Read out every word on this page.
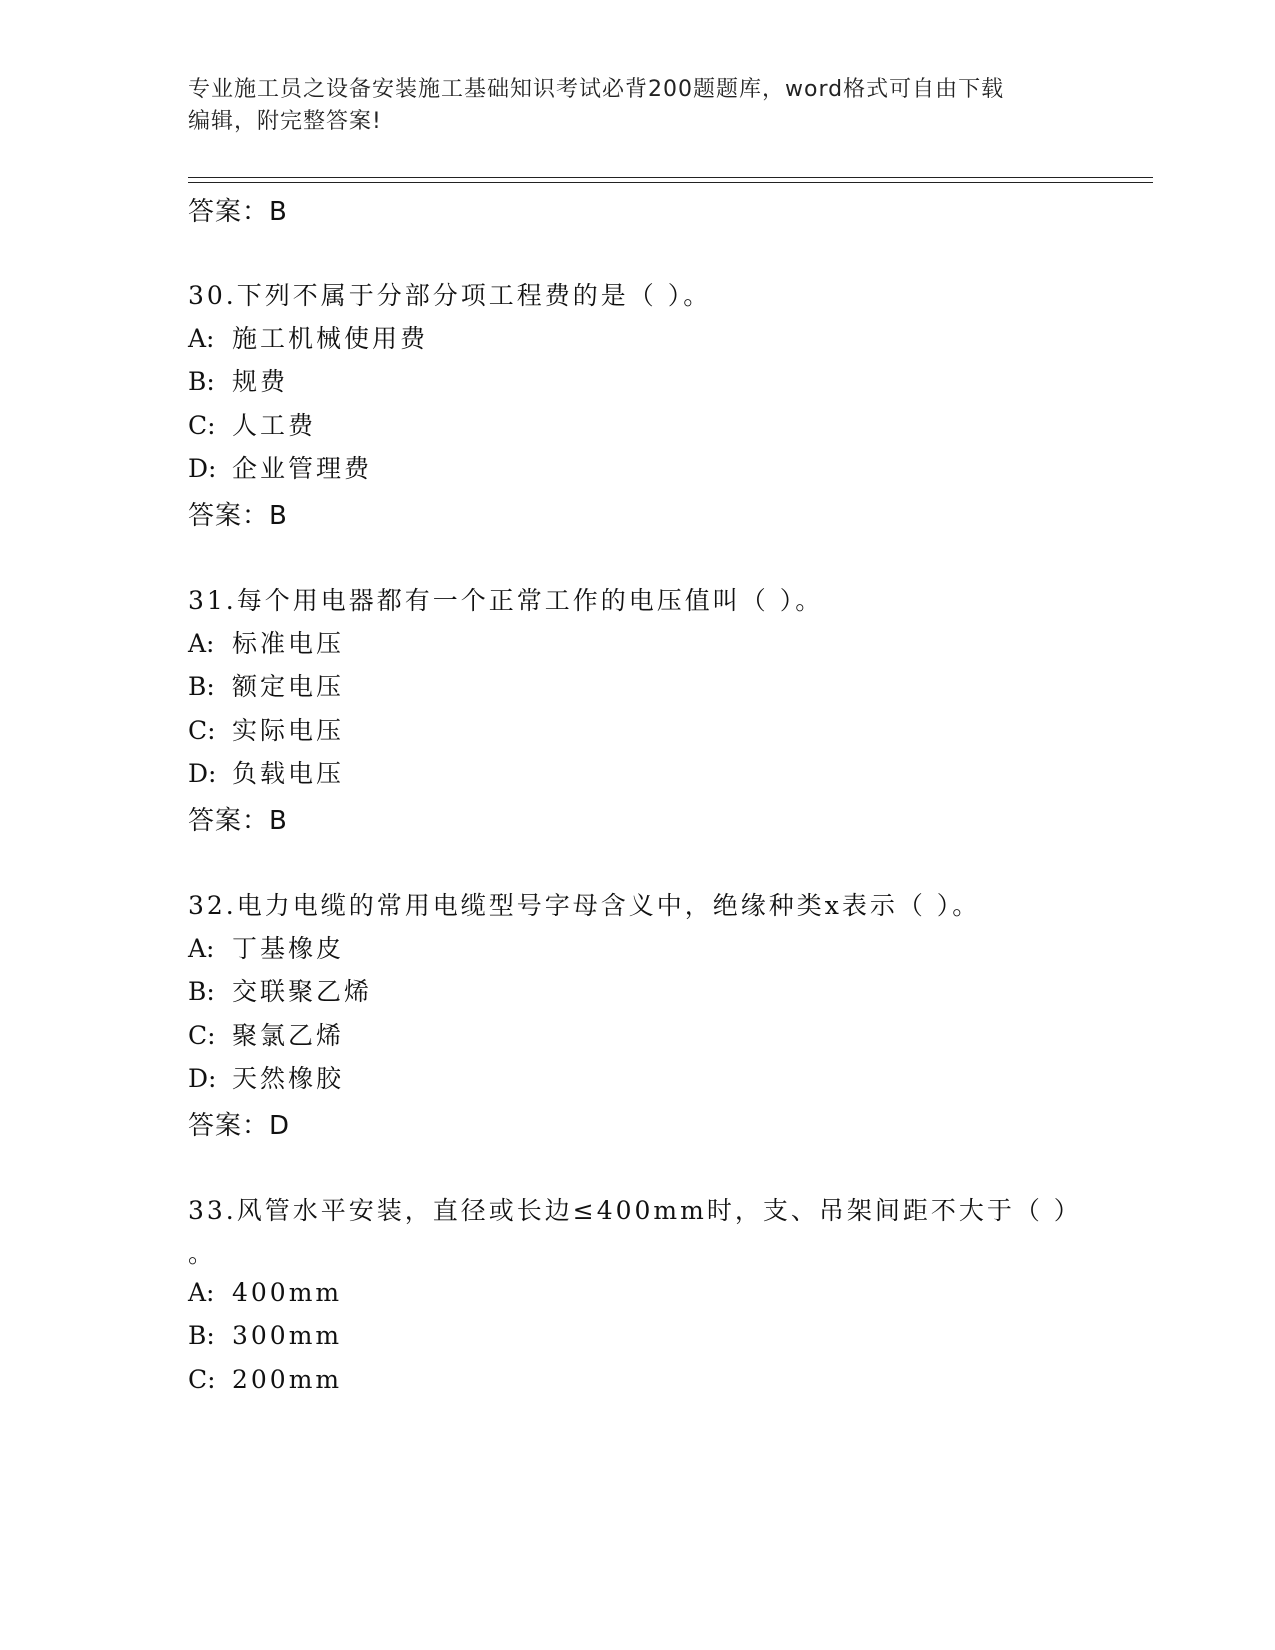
专业施工员之设备安装施工基础知识考试必背200题题库，word格式可自由下载
编辑，附完整答案!
答案：B
30.下列不属于分部分项工程费的是（ ）。
A: 施工机械使用费
B: 规费
C: 人工费
D: 企业管理费
答案：B
31.每个用电器都有一个正常工作的电压值叫（ ）。
A: 标准电压
B: 额定电压
C: 实际电压
D: 负载电压
答案：B
32.电力电缆的常用电缆型号字母含义中，绝缘种类x表示（ ）。
A: 丁基橡皮
B: 交联聚乙烯
C: 聚氯乙烯
D: 天然橡胶
答案：D
33.风管水平安装，直径或长边≤400mm时，支、吊架间距不大于（ ）
。
A: 400mm
B: 300mm
C: 200mm
